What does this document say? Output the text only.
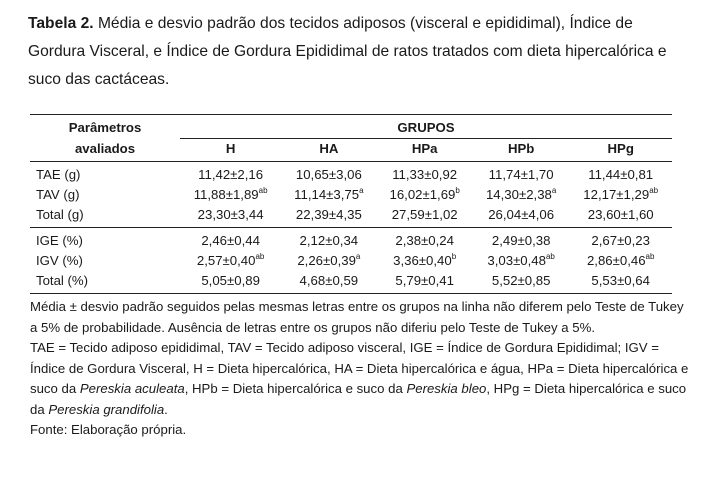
Tabela 2. Média e desvio padrão dos tecidos adiposos (visceral e epididimal), Índice de Gordura Visceral, e Índice de Gordura Epididimal de ratos tratados com dieta hipercalórica e suco das cactáceas.
Parâmetros	GRUPOS				
avaliados	H	HA	HPa	HPb	HPg
TAE (g)	11,42±2,16	10,65±3,06	11,33±0,92	11,74±1,70	11,44±0,81
TAV (g)	11,88±1,89$^{ab}$	11,14±3,75$^a$	16,02±1,69$^b$	14,30±2,38$^a$	12,17±1,29$^{ab}$
Total (g)	23,30±3,44	22,39±4,35	27,59±1,02	26,04±4,06	23,60±1,60
IGE (%)	2,46±0,44	2,12±0,34	2,38±0,24	2,49±0,38	2,67±0,23
IGV (%)	2,57±0,40$^{ab}$	2,26±0,39$^a$	3,36±0,40$^b$	3,03±0,48$^{ab}$	2,86±0,46$^{ab}$
Total (%)	5,05±0,89	4,68±0,59	5,79±0,41	5,52±0,85	5,53±0,64

Média ± desvio padrão seguidos pelas mesmas letras entre os grupos na linha não diferem pelo Teste de Tukey a 5% de probabilidade. Ausência de letras entre os grupos não diferiu pelo Teste de Tukey a 5%.

TAE = Tecido adiposo epididimal, TAV = Tecido adiposo visceral, IGE = Índice de Gordura Epididimal; IGV = Índice de Gordura Visceral, H = Dieta hipercalórica, HA = Dieta hipercalórica e água, HPa = Dieta hipercalórica e suco da Pereskia aculeata, HPb = Dieta hipercalórica e suco da Pereskia bleo, HPg = Dieta hipercalórica e suco da Pereskia grandifolia.

Fonte: Elaboração própria.
